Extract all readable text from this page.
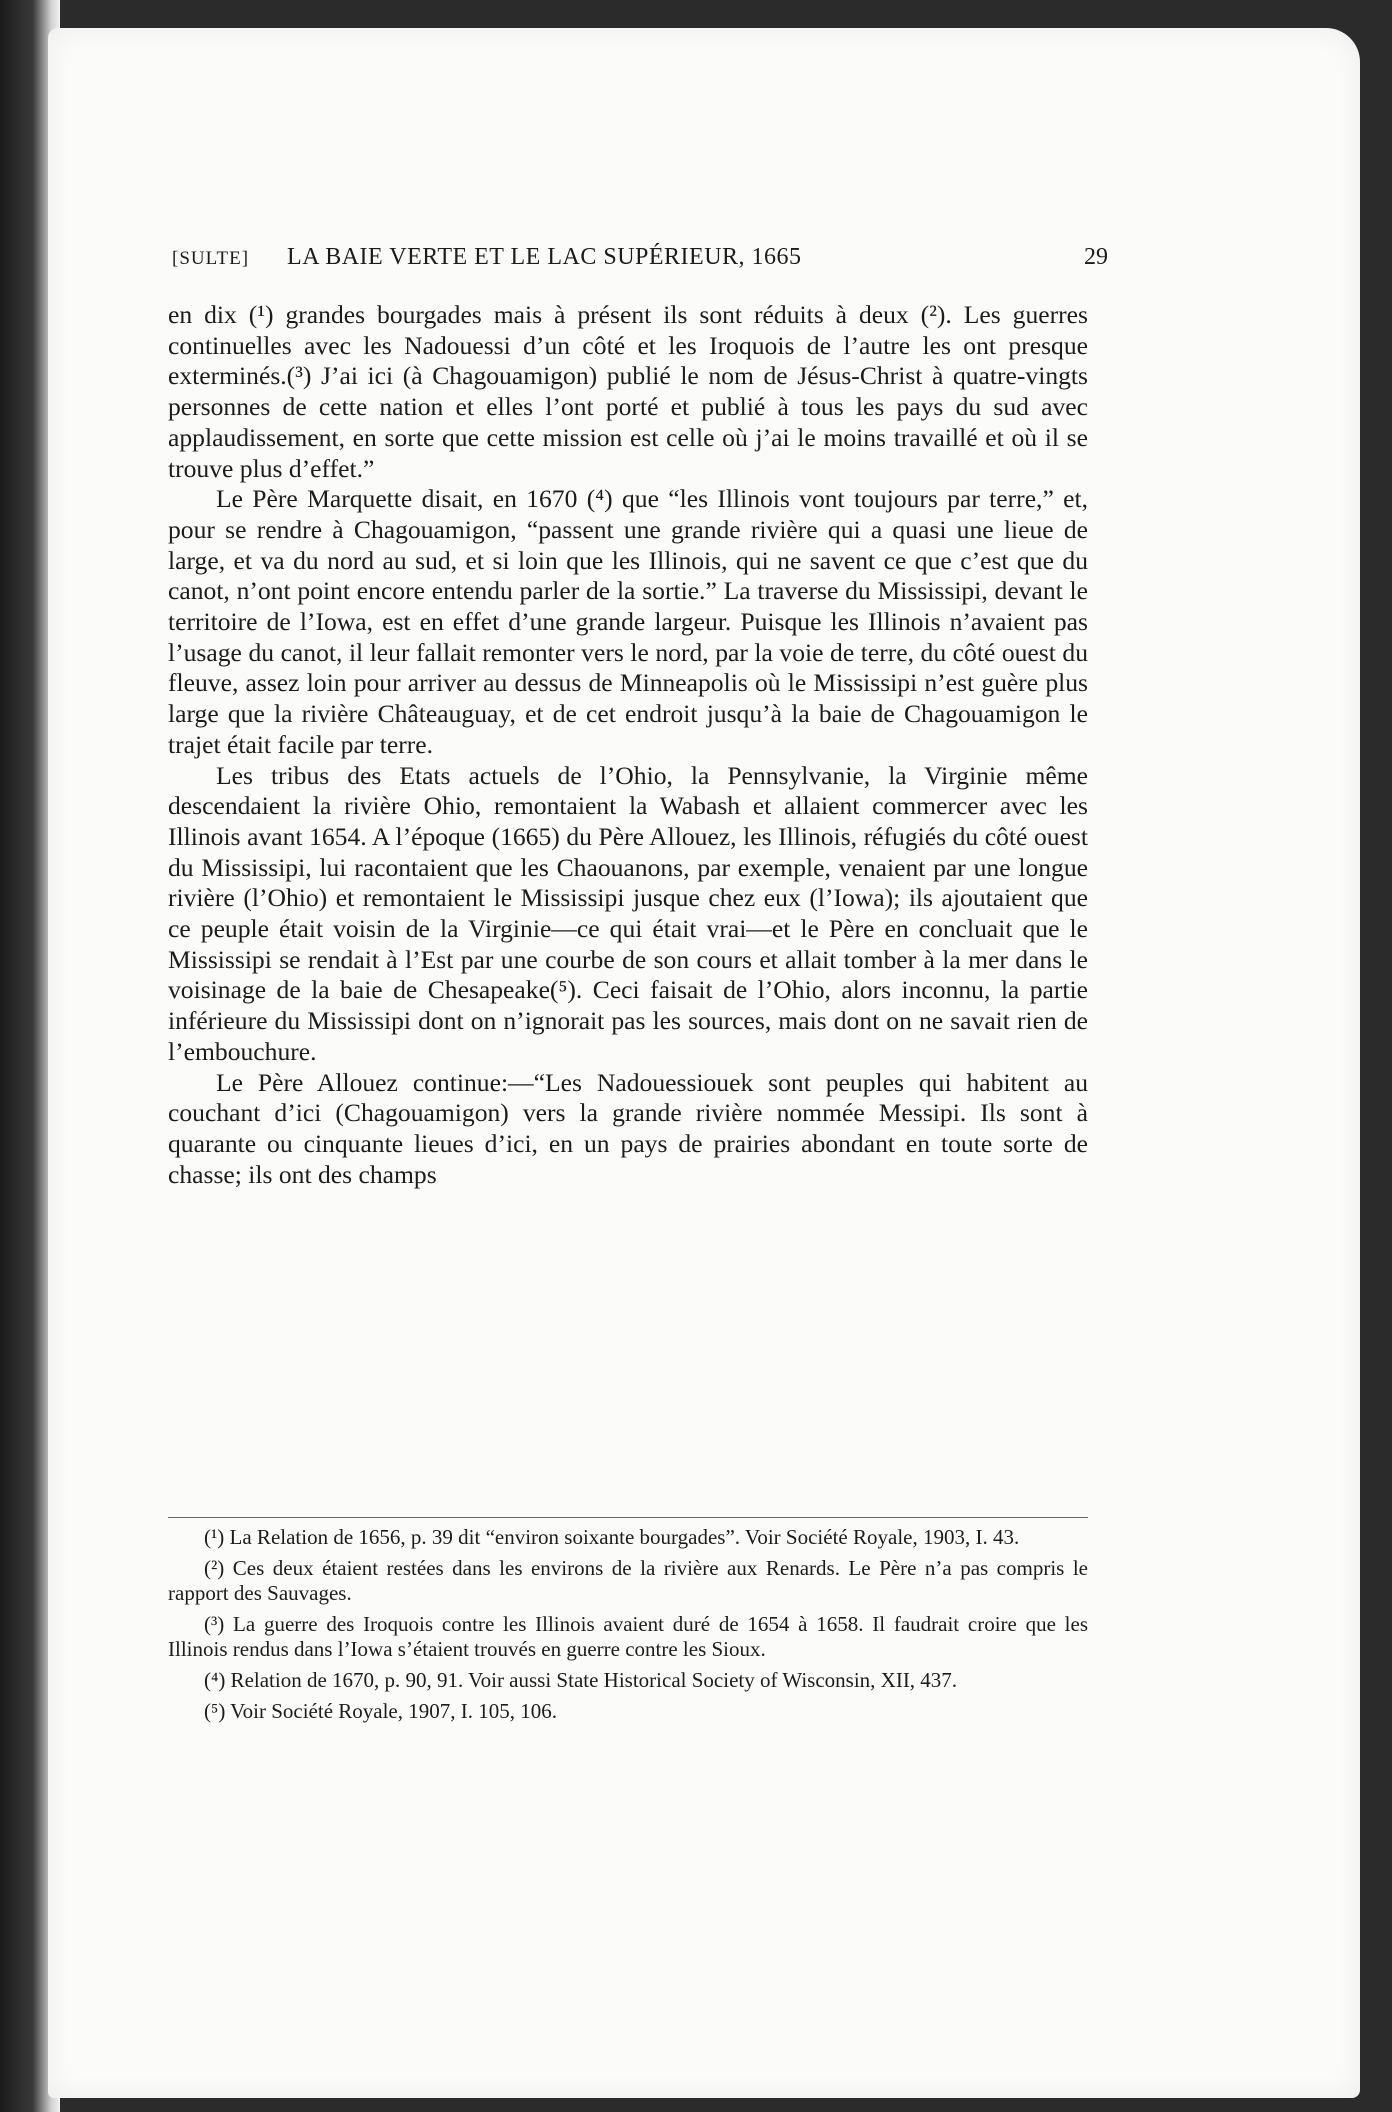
[SULTE] LA BAIE VERTE ET LE LAC SUPÉRIEUR, 1665	29

en dix (¹) grandes bourgades mais à présent ils sont réduits à deux (²). Les guerres continuelles avec les Nadouessi d’un côté et les Iroquois de l’autre les ont presque exterminés.(³) J’ai ici (à Chagouamigon) publié le nom de Jésus-Christ à quatre-vingts personnes de cette nation et elles l’ont porté et publié à tous les pays du sud avec applaudissement, en sorte que cette mission est celle où j’ai le moins travaillé et où il se trouve plus d’effet.”

Le Père Marquette disait, en 1670 (⁴) que “les Illinois vont toujours par terre,” et, pour se rendre à Chagouamigon, “passent une grande rivière qui a quasi une lieue de large, et va du nord au sud, et si loin que les Illinois, qui ne savent ce que c’est que du canot, n’ont point encore entendu parler de la sortie.” La traverse du Mississipi, devant le territoire de l’Iowa, est en effet d’une grande largeur. Puisque les Illinois n’avaient pas l’usage du canot, il leur fallait remonter vers le nord, par la voie de terre, du côté ouest du fleuve, assez loin pour arriver au dessus de Minneapolis où le Mississipi n’est guère plus large que la rivière Châteauguay, et de cet endroit jusqu’à la baie de Chagouamigon le trajet était facile par terre.

Les tribus des Etats actuels de l’Ohio, la Pennsylvanie, la Virginie même descendaient la rivière Ohio, remontaient la Wabash et allaient commercer avec les Illinois avant 1654. A l’époque (1665) du Père Allouez, les Illinois, réfugiés du côté ouest du Mississipi, lui racontaient que les Chaouanons, par exemple, venaient par une longue rivière (l’Ohio) et remontaient le Mississipi jusque chez eux (l’Iowa); ils ajoutaient que ce peuple était voisin de la Virginie—ce qui était vrai—et le Père en concluait que le Mississipi se rendait à l’Est par une courbe de son cours et allait tomber à la mer dans le voisinage de la baie de Chesapeake(⁵). Ceci faisait de l’Ohio, alors inconnu, la partie inférieure du Mississipi dont on n’ignorait pas les sources, mais dont on ne savait rien de l’embouchure.

Le Père Allouez continue:—“Les Nadouessiouek sont peuples qui habitent au couchant d’ici (Chagouamigon) vers la grande rivière nommée Messipi. Ils sont à quarante ou cinquante lieues d’ici, en un pays de prairies abondant en toute sorte de chasse; ils ont des champs

(¹) La Relation de 1656, p. 39 dit “environ soixante bourgades”. Voir Société Royale, 1903, I. 43.

(²) Ces deux étaient restées dans les environs de la rivière aux Renards. Le Père n’a pas compris le rapport des Sauvages.

(³) La guerre des Iroquois contre les Illinois avaient duré de 1654 à 1658. Il faudrait croire que les Illinois rendus dans l’Iowa s’étaient trouvés en guerre contre les Sioux.

(⁴) Relation de 1670, p. 90, 91. Voir aussi State Historical Society of Wisconsin, XII, 437.

(⁵) Voir Société Royale, 1907, I. 105, 106.
